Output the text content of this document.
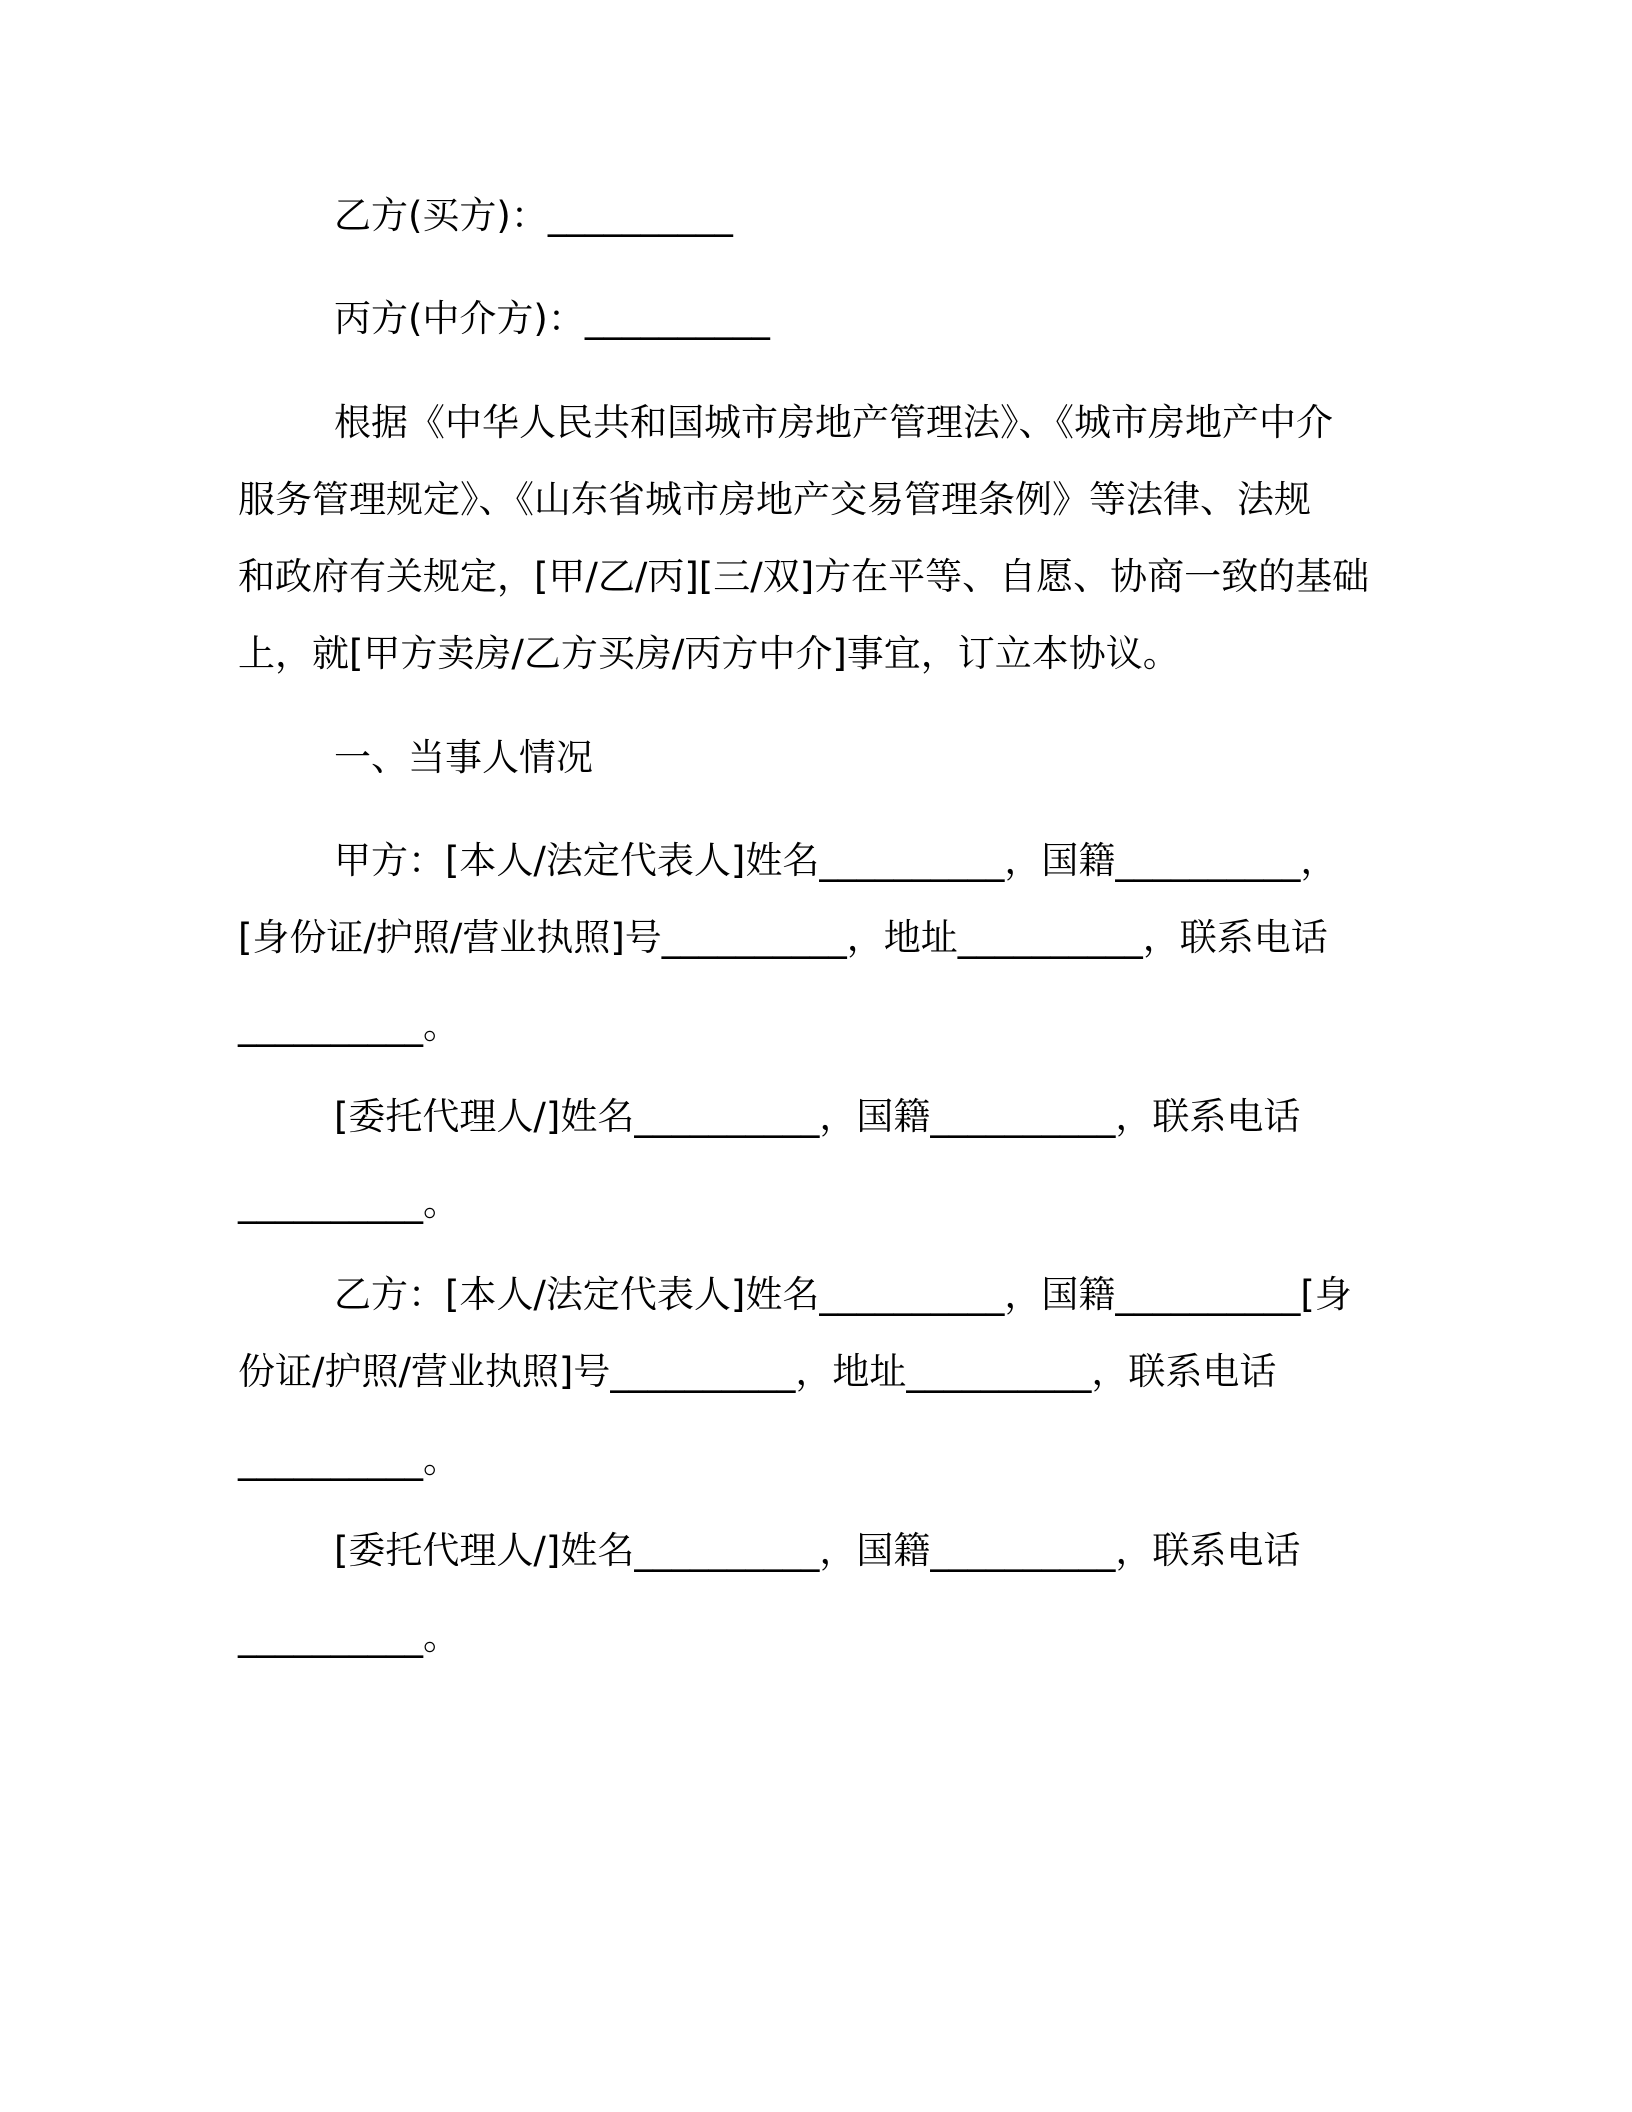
乙方(买方)：__________
丙方(中介方)：__________
根据《中华人民共和国城市房地产管理法》、《城市房地产中介
服务管理规定》、《山东省城市房地产交易管理条例》等法律、法规
和政府有关规定，[甲/乙/丙][三/双]方在平等、自愿、协商一致的基础
上，就[甲方卖房/乙方买房/丙方中介]事宜，订立本协议。
一、当事人情况
甲方：[本人/法定代表人]姓名__________，国籍__________，
[身份证/护照/营业执照]号__________，地址__________，联系电话
__________。
[委托代理人/]姓名__________，国籍__________，联系电话
__________。
乙方：[本人/法定代表人]姓名__________，国籍__________[身
份证/护照/营业执照]号__________，地址__________，联系电话
__________。
[委托代理人/]姓名__________，国籍__________，联系电话
__________。
